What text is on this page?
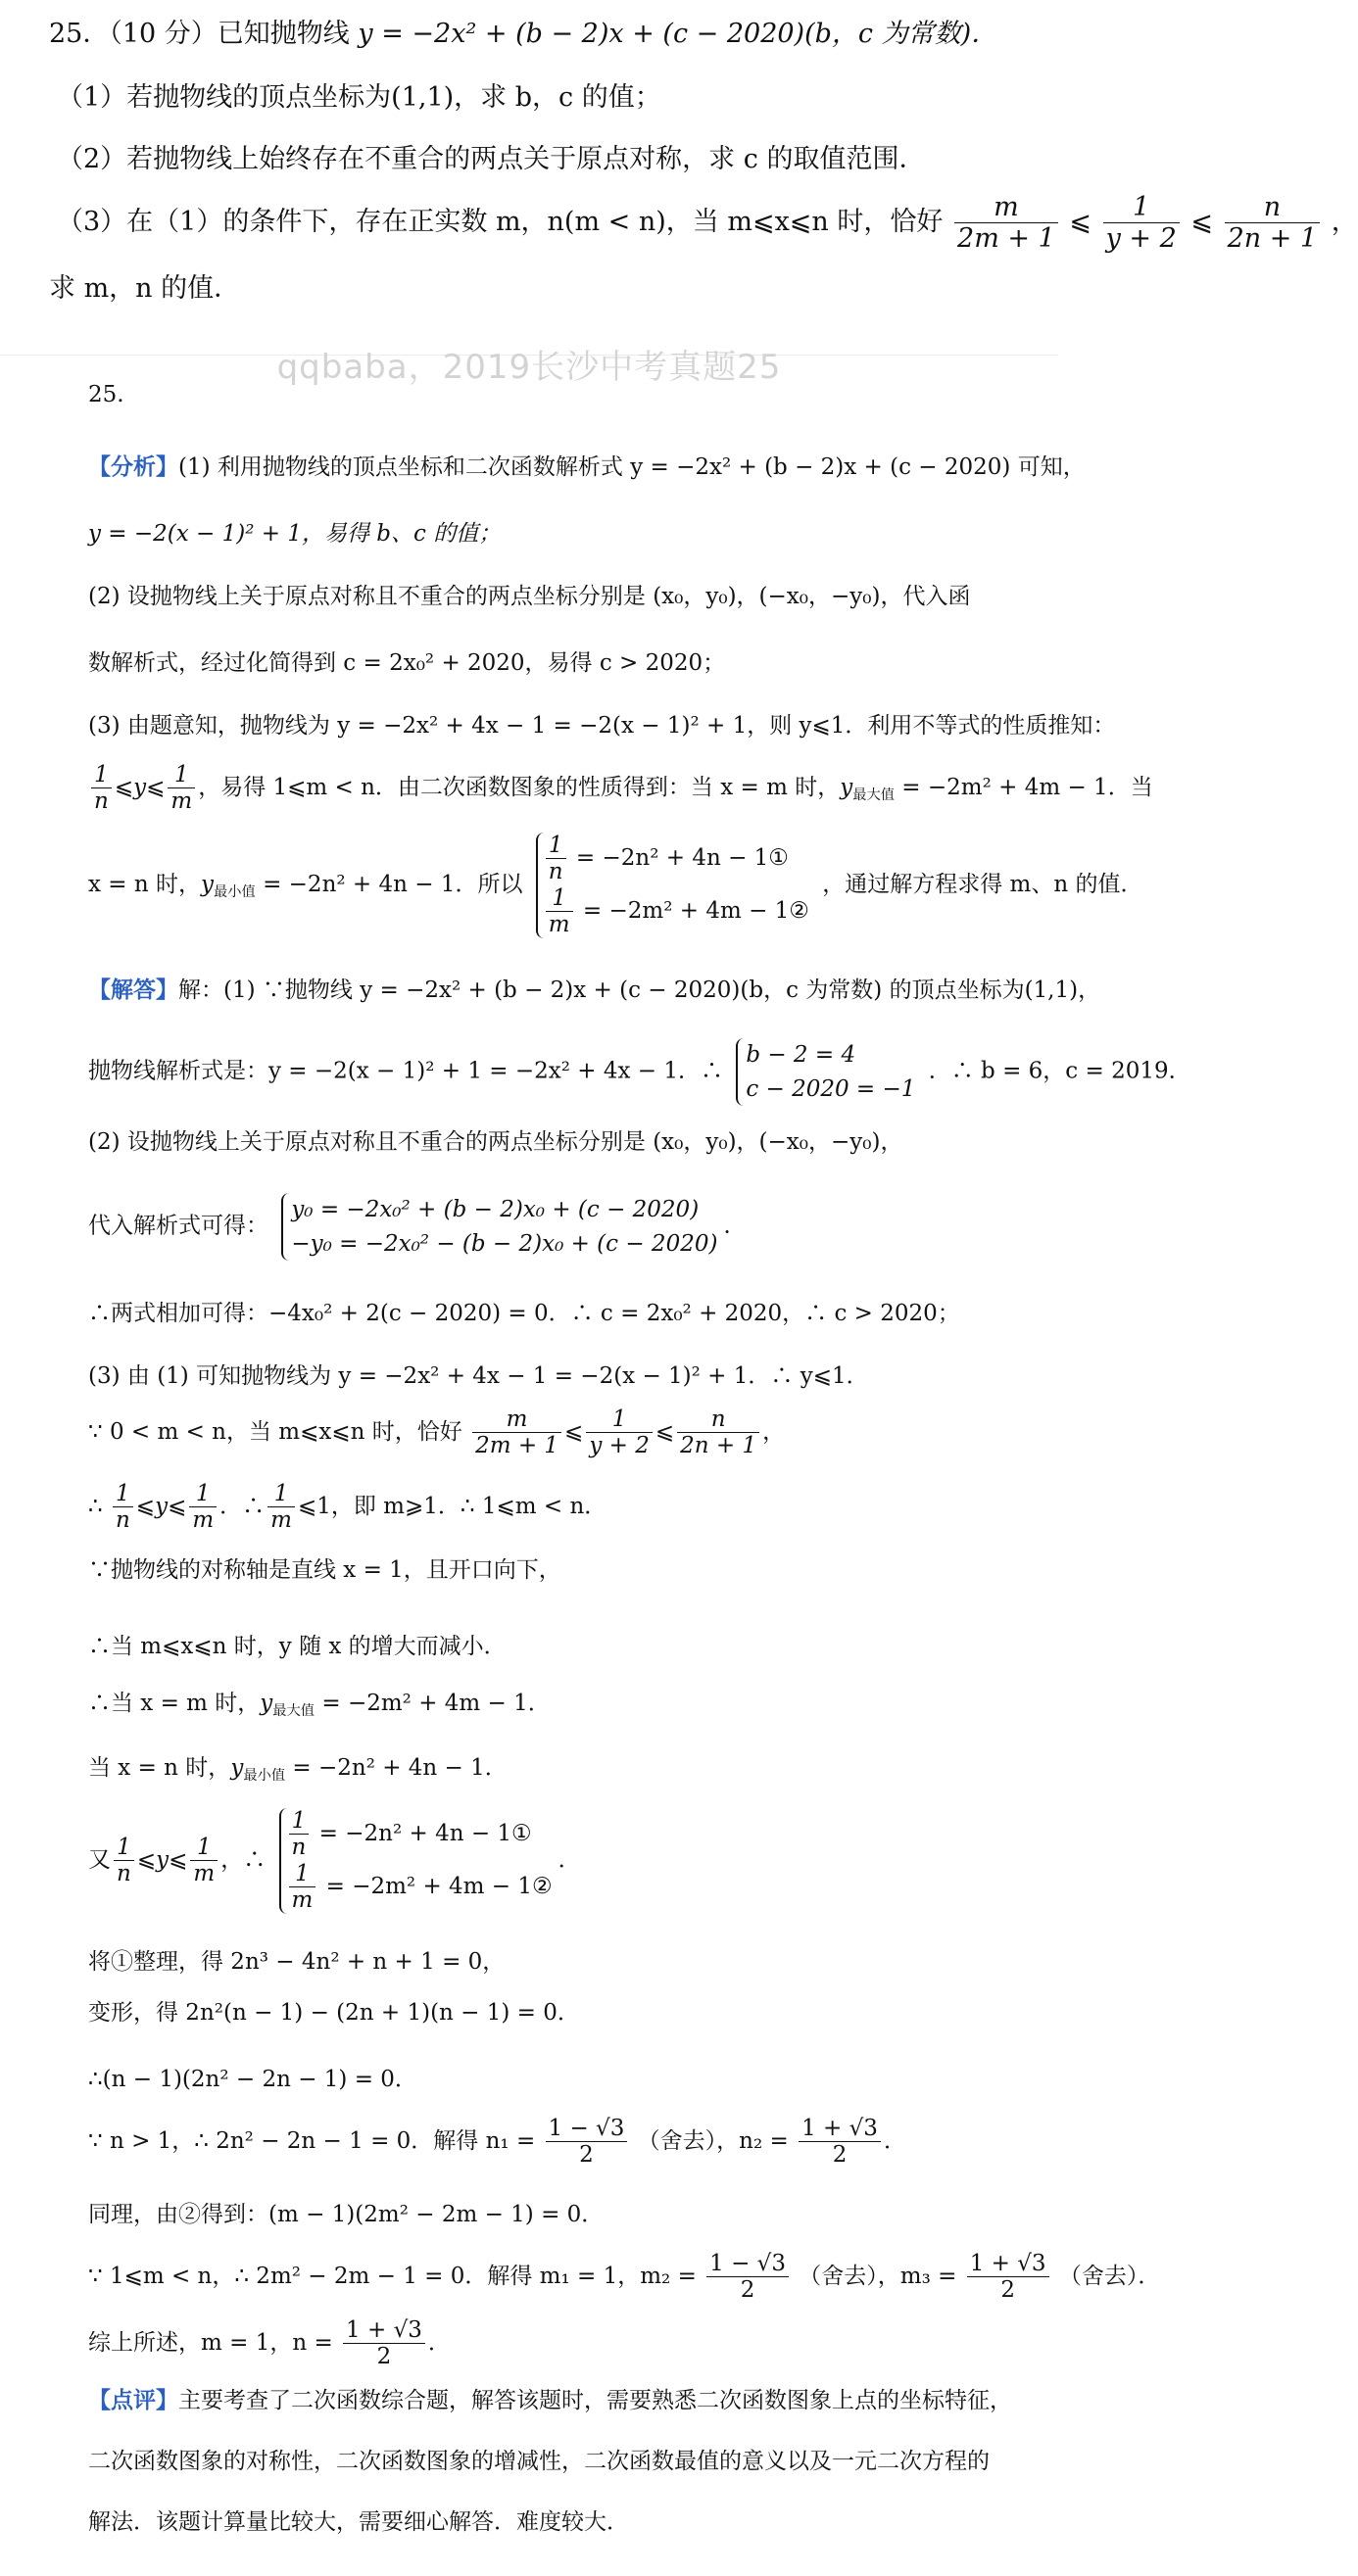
25．（10 分）已知抛物线 y = −2x² + (b − 2)x + (c − 2020)(b，c 为常数)．
（1）若抛物线的顶点坐标为(1,1)，求 b，c 的值；
（2）若抛物线上始终存在不重合的两点关于原点对称，求 c 的取值范围．
（3）在（1）的条件下，存在正实数 m，n(m < n)，当 m⩽x⩽n 时，恰好 $\frac{m}{2m + 1}$ ⩽ $\frac{1}{y + 2}$ ⩽ $\frac{n}{2n + 1}$ ，
求 m，n 的值．
qqbaba，2019长沙中考真题25
25.
【分析】(1) 利用抛物线的顶点坐标和二次函数解析式 y = −2x² + (b − 2)x + (c − 2020) 可知，
y = −2(x − 1)² + 1，易得 b、c 的值；
(2) 设抛物线上关于原点对称且不重合的两点坐标分别是 (x₀，y₀)，(−x₀，−y₀)，代入函
数解析式，经过化简得到 c = 2x₀² + 2020，易得 c > 2020；
(3) 由题意知，抛物线为 y = −2x² + 4x − 1 = −2(x − 1)² + 1，则 y⩽1．利用不等式的性质推知：
$\frac{1}{n}$ ⩽y⩽ $\frac{1}{m}$ ，易得 1⩽m < n．由二次函数图象的性质得到：当 x = m 时，$y_{最大值} = -2m^2 + 4m - 1$．当
x = n 时，$y_{最小值} = -2n^2 + 4n - 1$．所以 $\frac{1}{n} = -2n^2 + 4n$ − 1①
$\frac{1}{m} = -2m^2 + 4m$ − 1②
，通过解方程求得 m、n 的值．
【解答】解：(1) ∵抛物线 y = −2x² + (b − 2)x + (c − 2020)(b，c 为常数) 的顶点坐标为(1,1)，
抛物线解析式是：y = −2(x − 1)² + 1 = −2x² + 4x − 1．∴
b − 2 = 4
c − 2020 = −1
．∴ b = 6，c = 2019．
(2) 设抛物线上关于原点对称且不重合的两点坐标分别是 (x₀，y₀)，(−x₀，−y₀)，
代入解析式可得：
y₀ = −2x₀² + (b − 2)x₀ + (c − 2020)
−y₀ = −2x₀² − (b − 2)x₀ + (c − 2020)
．
∴两式相加可得：−4x₀² + 2(c − 2020) = 0．∴ c = 2x₀² + 2020，∴ c > 2020；
(3) 由 (1) 可知抛物线为 y = −2x² + 4x − 1 = −2(x − 1)² + 1．∴ y⩽1．
∵ 0 < m < n，当 m⩽x⩽n 时，恰好 $\frac{m}{2m + 1}$ ⩽ $\frac{1}{y + 2}$ ⩽ $\frac{n}{2n + 1}$ ，
∴ $\frac{1}{n}$ ⩽y⩽ $\frac{1}{m}$ ．∴ $\frac{1}{m}$ ⩽1，即 m⩾1．∴ 1⩽m < n．
∵抛物线的对称轴是直线 x = 1，且开口向下，
∴当 m⩽x⩽n 时，y 随 x 的增大而减小．
∴当 x = m 时，$y_{最大值} = -2m^2 + 4m - 1$．
当 x = n 时，$y_{最小值} = -2n^2 + 4n - 1$．
又 $\frac{1}{n}$ ⩽y⩽ $\frac{1}{m}$ ，∴ $\frac{1}{n} = -2n^2 + 4n$ − 1①
$\frac{1}{m} = -2m^2 + 4m$ − 1②
．
将①整理，得 2n³ − 4n² + n + 1 = 0，
变形，得 2n²(n − 1) − (2n + 1)(n − 1) = 0．
∴(n − 1)(2n² − 2n − 1) = 0．
∵ n > 1，∴ 2n² − 2n − 1 = 0．解得 $n_1 = \frac{1 - √3}{2}$ （舍去），$n_2 = \frac{1 + √3}{2}$ ．
同理，由②得到：(m − 1)(2m² − 2m − 1) = 0．
∵ 1⩽m < n，∴ 2m² − 2m − 1 = 0．解得 m₁ = 1，$m_2 = \frac{1 - √3}{2}$ （舍去），$m_3 = \frac{1 + √3}{2}$ （舍去）．
综上所述，m = 1，$n = \frac{1 + √3}{2}$ ．
【点评】主要考查了二次函数综合题，解答该题时，需要熟悉二次函数图象上点的坐标特征，
二次函数图象的对称性，二次函数图象的增减性，二次函数最值的意义以及一元二次方程的
解法．该题计算量比较大，需要细心解答．难度较大．
